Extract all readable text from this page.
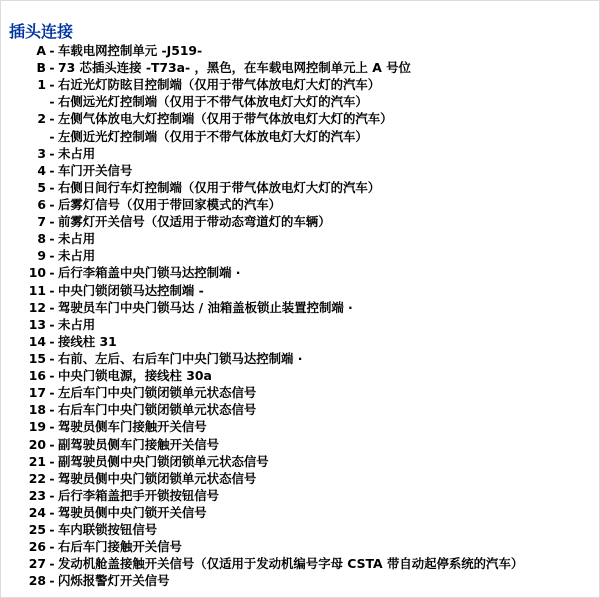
插头连接
A - 车载电网控制单元 -J519-
B - 73 芯插头连接 -T73a- ，黑色，在车载电网控制单元上 A 号位
1 - 右近光灯防眩目控制端（仅用于带气体放电灯大灯的汽车）
- 右侧远光灯控制端（仅用于不带气体放电灯大灯的汽车）
2 - 左侧气体放电大灯控制端（仅用于带气体放电灯大灯的汽车）
- 左侧近光灯控制端（仅用于不带气体放电灯大灯的汽车）
3 - 未占用
4 - 车门开关信号
5 - 右侧日间行车灯控制端（仅用于带气体放电灯大灯的汽车）
6 - 后雾灯信号（仅用于带回家模式的汽车）
7 - 前雾灯开关信号（仅适用于带动态弯道灯的车辆）
8 - 未占用
9 - 未占用
10 - 后行李箱盖中央门锁马达控制端 ·
11 - 中央门锁闭锁马达控制端 -
12 - 驾驶员车门中央门锁马达 / 油箱盖板锁止装置控制端 ·
13 - 未占用
14 - 接线柱 31
15 - 右前、左后、右后车门中央门锁马达控制端 ·
16 - 中央门锁电源，接线柱 30a
17 - 左后车门中央门锁闭锁单元状态信号
18 - 右后车门中央门锁闭锁单元状态信号
19 - 驾驶员侧车门接触开关信号
20 - 副驾驶员侧车门接触开关信号
21 - 副驾驶员侧中央门锁闭锁单元状态信号
22 - 驾驶员侧中央门锁闭锁单元状态信号
23 - 后行李箱盖把手开锁按钮信号
24 - 驾驶员侧中央门锁开关信号
25 - 车内联锁按钮信号
26 - 右后车门接触开关信号
27 - 发动机舱盖接触开关信号（仅适用于发动机编号字母 CSTA 带自动起停系统的汽车）
28 - 闪烁报警灯开关信号
